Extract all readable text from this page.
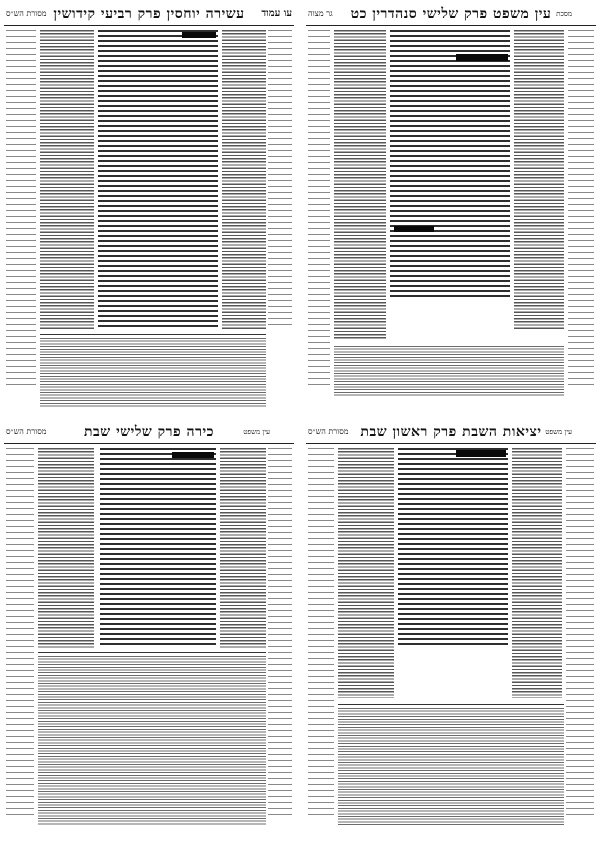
עו עמוד
עשירה יוחסין פרק רביעי קידושין
מסורת הש״ס	עין משפט פרק שלישי סנהדרין כט
גר מצוה	מסכת
כירה פרק שלישי שבת
מסורת הש״ס	עין משפט	יציאות השבת פרק ראשון שבת
מסורת הש״ס	עין משפט
